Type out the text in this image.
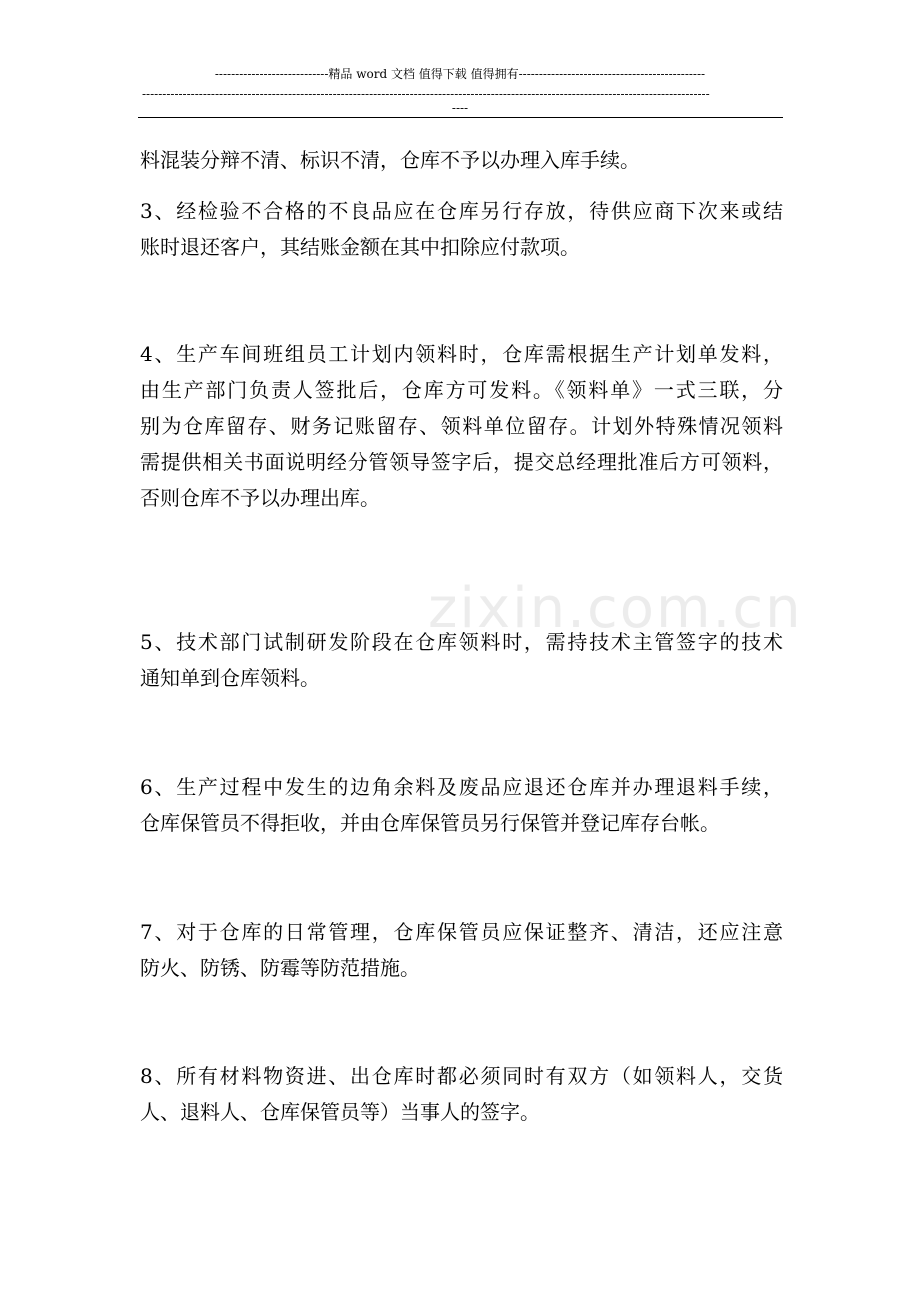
----------------------------精品 word 文档 值得下载 值得拥有----------------------------------------------
--------------------------------------------------------------------------------------------------------------------------------------------
----
zixin.com.cn
料混装分辩不清、标识不清，仓库不予以办理入库手续。
3、经检验不合格的不良品应在仓库另行存放，待供应商下次来或结
账时退还客户，其结账金额在其中扣除应付款项。
4、生产车间班组员工计划内领料时，仓库需根据生产计划单发料，
由生产部门负责人签批后，仓库方可发料。《领料单》一式三联，分
别为仓库留存、财务记账留存、领料单位留存。计划外特殊情况领料
需提供相关书面说明经分管领导签字后，提交总经理批准后方可领料，
否则仓库不予以办理出库。
5、技术部门试制研发阶段在仓库领料时，需持技术主管签字的技术
通知单到仓库领料。
6、生产过程中发生的边角余料及废品应退还仓库并办理退料手续，
仓库保管员不得拒收，并由仓库保管员另行保管并登记库存台帐。
7、对于仓库的日常管理，仓库保管员应保证整齐、清洁，还应注意
防火、防锈、防霉等防范措施。
8、所有材料物资进、出仓库时都必须同时有双方（如领料人，交货
人、退料人、仓库保管员等）当事人的签字。
